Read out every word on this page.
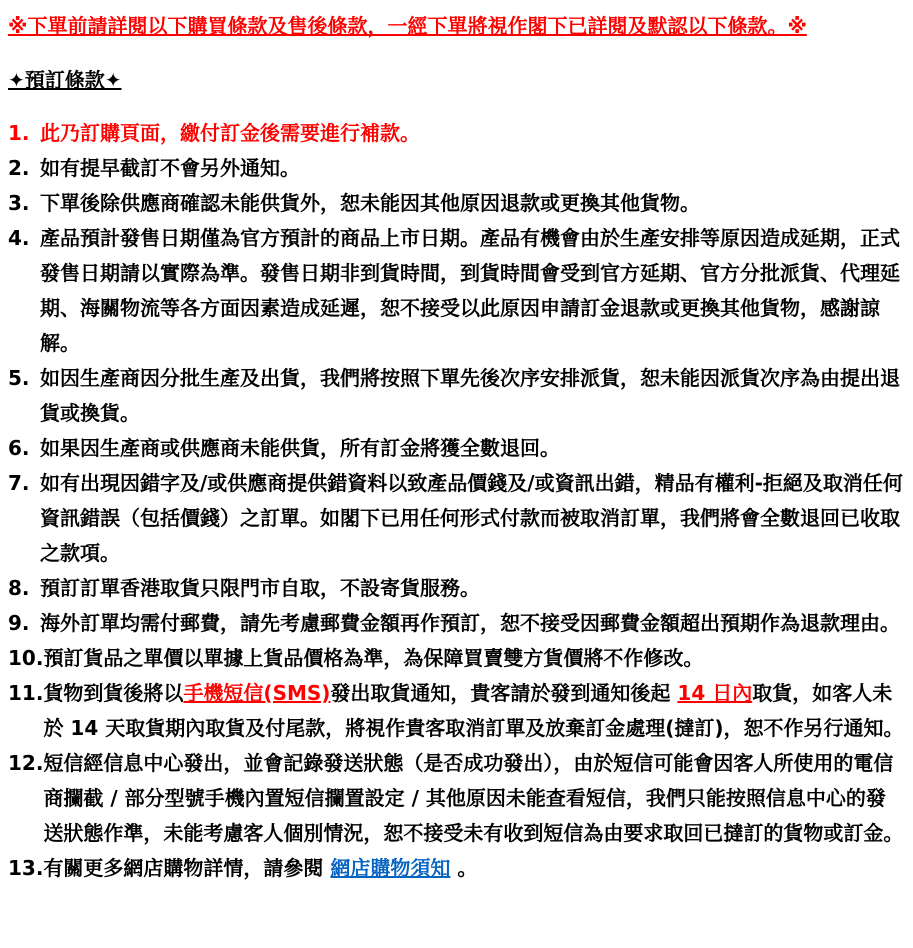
※下單前請詳閱以下購買條款及售後條款，一經下單將視作閣下已詳閱及默認以下條款。※
✦預訂條款✦
1. 此乃訂購頁面，繳付訂金後需要進行補款。
2. 如有提早截訂不會另外通知。
3. 下單後除供應商確認未能供貨外，恕未能因其他原因退款或更換其他貨物。
4. 產品預計發售日期僅為官方預計的商品上市日期。產品有機會由於生產安排等原因造成延期，正式發售日期請以實際為準。發售日期非到貨時間，到貨時間會受到官方延期、官方分批派貨、代理延期、海關物流等各方面因素造成延遲，恕不接受以此原因申請訂金退款或更換其他貨物，感謝諒解。
5. 如因生產商因分批生產及出貨，我們將按照下單先後次序安排派貨，恕未能因派貨次序為由提出退貨或換貨。
6. 如果因生產商或供應商未能供貨，所有訂金將獲全數退回。
7. 如有出現因錯字及/或供應商提供錯資料以致產品價錢及/或資訊出錯，精品有權利-拒絕及取消任何資訊錯誤（包括價錢）之訂單。如閣下已用任何形式付款而被取消訂單，我們將會全數退回已收取之款項。
8. 預訂訂單香港取貨只限門市自取，不設寄貨服務。
9. 海外訂單均需付郵費，請先考慮郵費金額再作預訂，恕不接受因郵費金額超出預期作為退款理由。
10. 預訂貨品之單價以單據上貨品價格為準，為保障買賣雙方貨價將不作修改。
11. 貨物到貨後將以手機短信(SMS)發出取貨通知，貴客請於發到通知後起 14 日內取貨，如客人未於 14 天取貨期內取貨及付尾款，將視作貴客取消訂單及放棄訂金處理(撻訂)，恕不作另行通知。
12. 短信經信息中心發出，並會記錄發送狀態（是否成功發出），由於短信可能會因客人所使用的電信商攔截 / 部分型號手機內置短信攔置設定 / 其他原因未能查看短信，我們只能按照信息中心的發送狀態作準，未能考慮客人個別情況，恕不接受未有收到短信為由要求取回已撻訂的貨物或訂金。
13. 有關更多網店購物詳情，請參閱 網店購物須知 。
